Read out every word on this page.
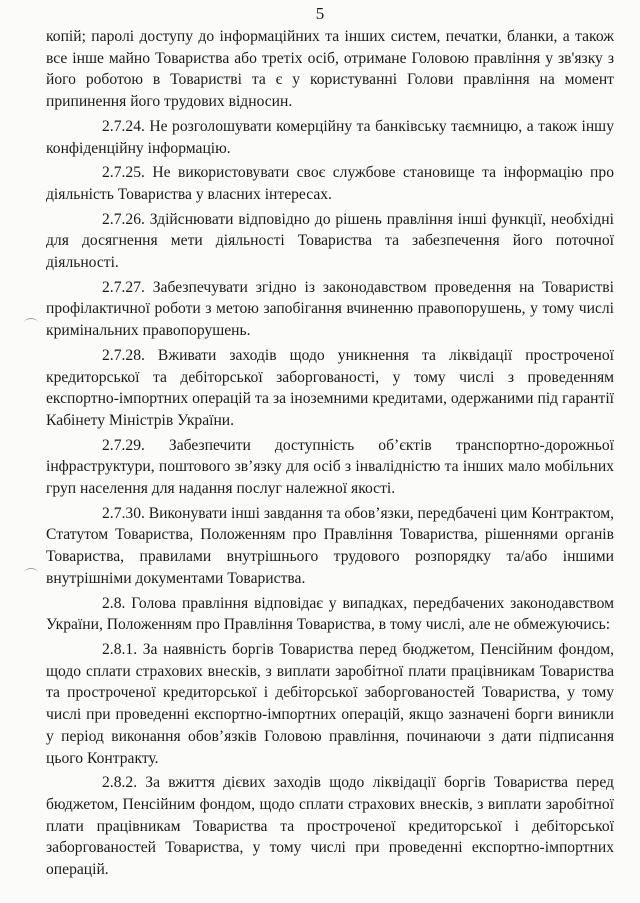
5

копій; паролі доступу до інформаційних та інших систем, печатки, бланки, а також все інше майно Товариства або третіх осіб, отримане Головою правління у зв'язку з його роботою в Товаристві та є у користуванні Голови правління на момент припинення його трудових відносин.

2.7.24. Не розголошувати комерційну та банківську таємницю, а також іншу конфіденційну інформацію.

2.7.25. Не використовувати своє службове становище та інформацію про діяльність Товариства у власних інтересах.

2.7.26. Здійснювати відповідно до рішень правління інші функції, необхідні для досягнення мети діяльності Товариства та забезпечення його поточної діяльності.

2.7.27. Забезпечувати згідно із законодавством проведення на Товаристві профілактичної роботи з метою запобігання вчиненню правопорушень, у тому числі кримінальних правопорушень.

2.7.28. Вживати заходів щодо уникнення та ліквідації простроченої кредиторської та дебіторської заборгованості, у тому числі з проведенням експортно-імпортних операцій та за іноземними кредитами, одержаними під гарантії Кабінету Міністрів України.

2.7.29. Забезпечити доступність об’єктів транспортно-дорожньої інфраструктури, поштового зв’язку для осіб з інвалідністю та інших мало мобільних груп населення для надання послуг належної якості.

2.7.30. Виконувати інші завдання та обов’язки, передбачені цим Контрактом, Статутом Товариства, Положенням про Правління Товариства, рішеннями органів Товариства, правилами внутрішнього трудового розпорядку та/або іншими внутрішніми документами Товариства.

2.8. Голова правління відповідає у випадках, передбачених законодавством України, Положенням про Правління Товариства, в тому числі, але не обмежуючись:

2.8.1. За наявність боргів Товариства перед бюджетом, Пенсійним фондом, щодо сплати страхових внесків, з виплати заробітної плати працівникам Товариства та простроченої кредиторської і дебіторської заборгованостей Товариства, у тому числі при проведенні експортно-імпортних операцій, якщо зазначені борги виникли у період виконання обов’язків Головою правління, починаючи з дати підписання цього Контракту.

2.8.2. За вжиття дієвих заходів щодо ліквідації боргів Товариства перед бюджетом, Пенсійним фондом, щодо сплати страхових внесків, з виплати заробітної плати працівникам Товариства та простроченої кредиторської і дебіторської заборгованостей Товариства, у тому числі при проведенні експортно-імпортних операцій.
